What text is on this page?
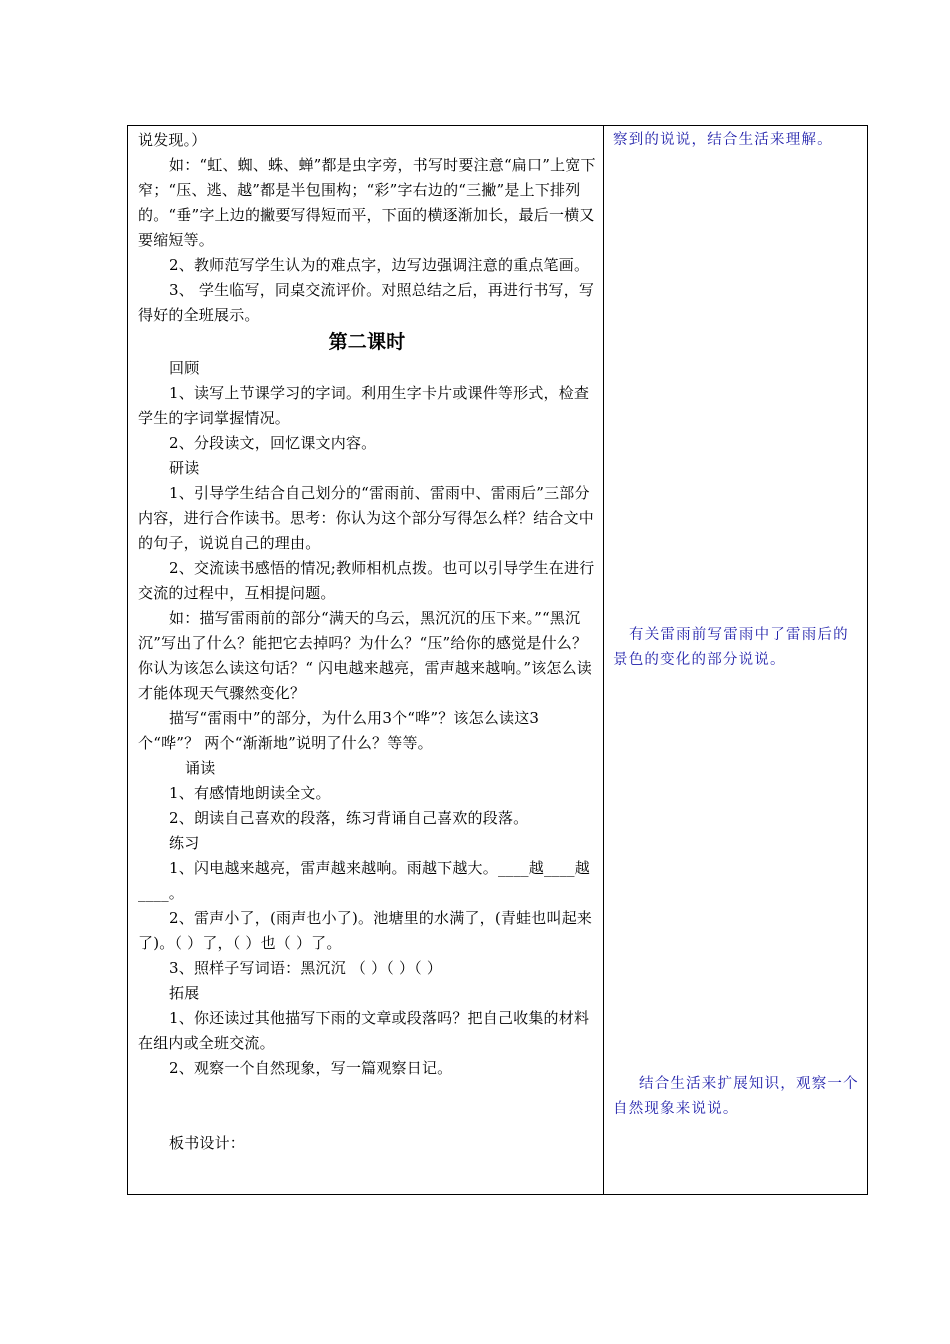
说发现。）

如：“虹、蜘、蛛、蝉”都是虫字旁，书写时要注意“扁口”上宽下窄；“压、逃、越”都是半包围构；“彩”字右边的“三撇”是上下排列的。“垂”字上边的撇要写得短而平，下面的横逐渐加长，最后一横又要缩短等。

2、教师范写学生认为的难点字，边写边强调注意的重点笔画。

3、 学生临写，同桌交流评价。对照总结之后，再进行书写，写得好的全班展示。

第二课时

回顾

1、读写上节课学习的字词。利用生字卡片或课件等形式，检查学生的字词掌握情况。

2、分段读文，回忆课文内容。

研读

1、引导学生结合自己划分的“雷雨前、雷雨中、雷雨后”三部分内容，进行合作读书。思考：你认为这个部分写得怎么样？结合文中的句子，说说自己的理由。

2、交流读书感悟的情况;教师相机点拨。也可以引导学生在进行交流的过程中，互相提问题。

如：描写雷雨前的部分“满天的乌云，黑沉沉的压下来。”“黑沉沉”写出了什么？能把它去掉吗？为什么？“压”给你的感觉是什么？你认为该怎么读这句话？“ 闪电越来越亮，雷声越来越响。”该怎么读才能体现天气骤然变化？

描写“雷雨中”的部分，为什么用3个“哗”？该怎么读这3个“哗”？ 两个“渐渐地”说明了什么？等等。

诵读

1、有感情地朗读全文。

2、朗读自己喜欢的段落，练习背诵自己喜欢的段落。

练习

1、闪电越来越亮，雷声越来越响。雨越下越大。____越____越____。

2、雷声小了，(雨声也小了)。池塘里的水满了，(青蛙也叫起来了)。（ ）了，（ ）也（ ）了。

3、照样子写词语：黑沉沉 （ ）（ ）（ ）

拓展

1、你还读过其他描写下雨的文章或段落吗？把自己收集的材料在组内或全班交流。

2、观察一个自然现象，写一篇观察日记。

板书设计：

察到的说说，结合生活来理解。

有关雷雨前写雷雨中了雷雨后的景色的变化的部分说说。

结合生活来扩展知识，观察一个自然现象来说说。
